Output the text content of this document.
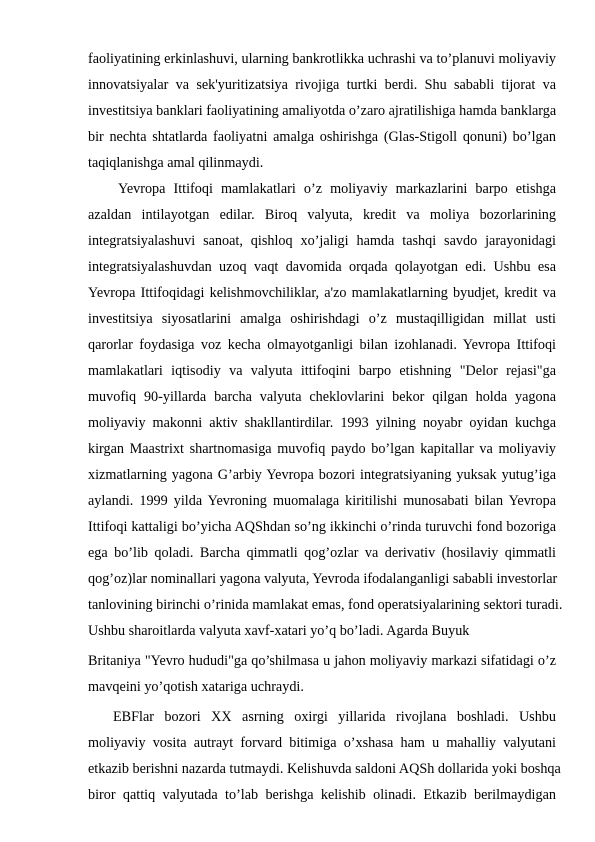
faoliyatining erkinlashuvi, ularning bankrotlikka uchrashi va to’planuvi moliyaviy
innovatsiyalar va sek'yuritizatsiya rivojiga turtki berdi. Shu sababli tijorat va
investitsiya banklari faoliyatining amaliyotda o’zaro ajratilishiga hamda banklarga
bir nechta shtatlarda faoliyatni amalga oshirishga (Glas-Stigoll qonuni) bo’lgan
taqiqlanishga amal qilinmaydi.
Yevropa Ittifoqi mamlakatlari o’z moliyaviy markazlarini barpo etishga
azaldan intilayotgan edilar. Biroq valyuta, kredit va moliya bozorlarining
integratsiyalashuvi sanoat, qishloq xo’jaligi hamda tashqi savdo jarayonidagi
integratsiyalashuvdan uzoq vaqt davomida orqada qolayotgan edi. Ushbu esa
Yevropa Ittifoqidagi kelishmovchiliklar, a'zo mamlakatlarning byudjet, kredit va
investitsiya siyosatlarini amalga oshirishdagi o’z mustaqilligidan millat usti
qarorlar foydasiga voz kecha olmayotganligi bilan izohlanadi. Yevropa Ittifoqi
mamlakatlari iqtisodiy va valyuta ittifoqini barpo etishning "Delor rejasi"ga
muvofiq 90-yillarda barcha valyuta cheklovlarini bekor qilgan holda yagona
moliyaviy makonni aktiv shakllantirdilar. 1993 yilning noyabr oyidan kuchga
kirgan Maastrixt shartnomasiga muvofiq paydo bo’lgan kapitallar va moliyaviy
xizmatlarning yagona G’arbiy Yevropa bozori integratsiyaning yuksak yutug’iga
aylandi. 1999 yilda Yevroning muomalaga kiritilishi munosabati bilan Yevropa
Ittifoqi kattaligi bo’yicha AQShdan so’ng ikkinchi o’rinda turuvchi fond bozoriga
ega bo’lib qoladi. Barcha qimmatli qog’ozlar va derivativ (hosilaviy qimmatli
qog’oz)lar nominallari yagona valyuta, Yevroda ifodalanganligi sababli investorlar
tanlovining birinchi o’rinida mamlakat emas, fond operatsiyalarining sektori turadi.
Ushbu sharoitlarda valyuta xavf-xatari yo’q bo’ladi. Agarda Buyuk
Britaniya "Yevro hududi"ga qo’shilmasa u jahon moliyaviy markazi sifatidagi o’z
mavqeini yo’qotish xatariga uchraydi.
EBFlar bozori XX asrning oxirgi yillarida rivojlana boshladi. Ushbu
moliyaviy vosita autrayt forvard bitimiga o’xshasa ham u mahalliy valyutani
etkazib berishni nazarda tutmaydi. Kelishuvda saldoni AQSh dollarida yoki boshqa
biror qattiq valyutada to’lab berishga kelishib olinadi. Etkazib berilmaydigan
